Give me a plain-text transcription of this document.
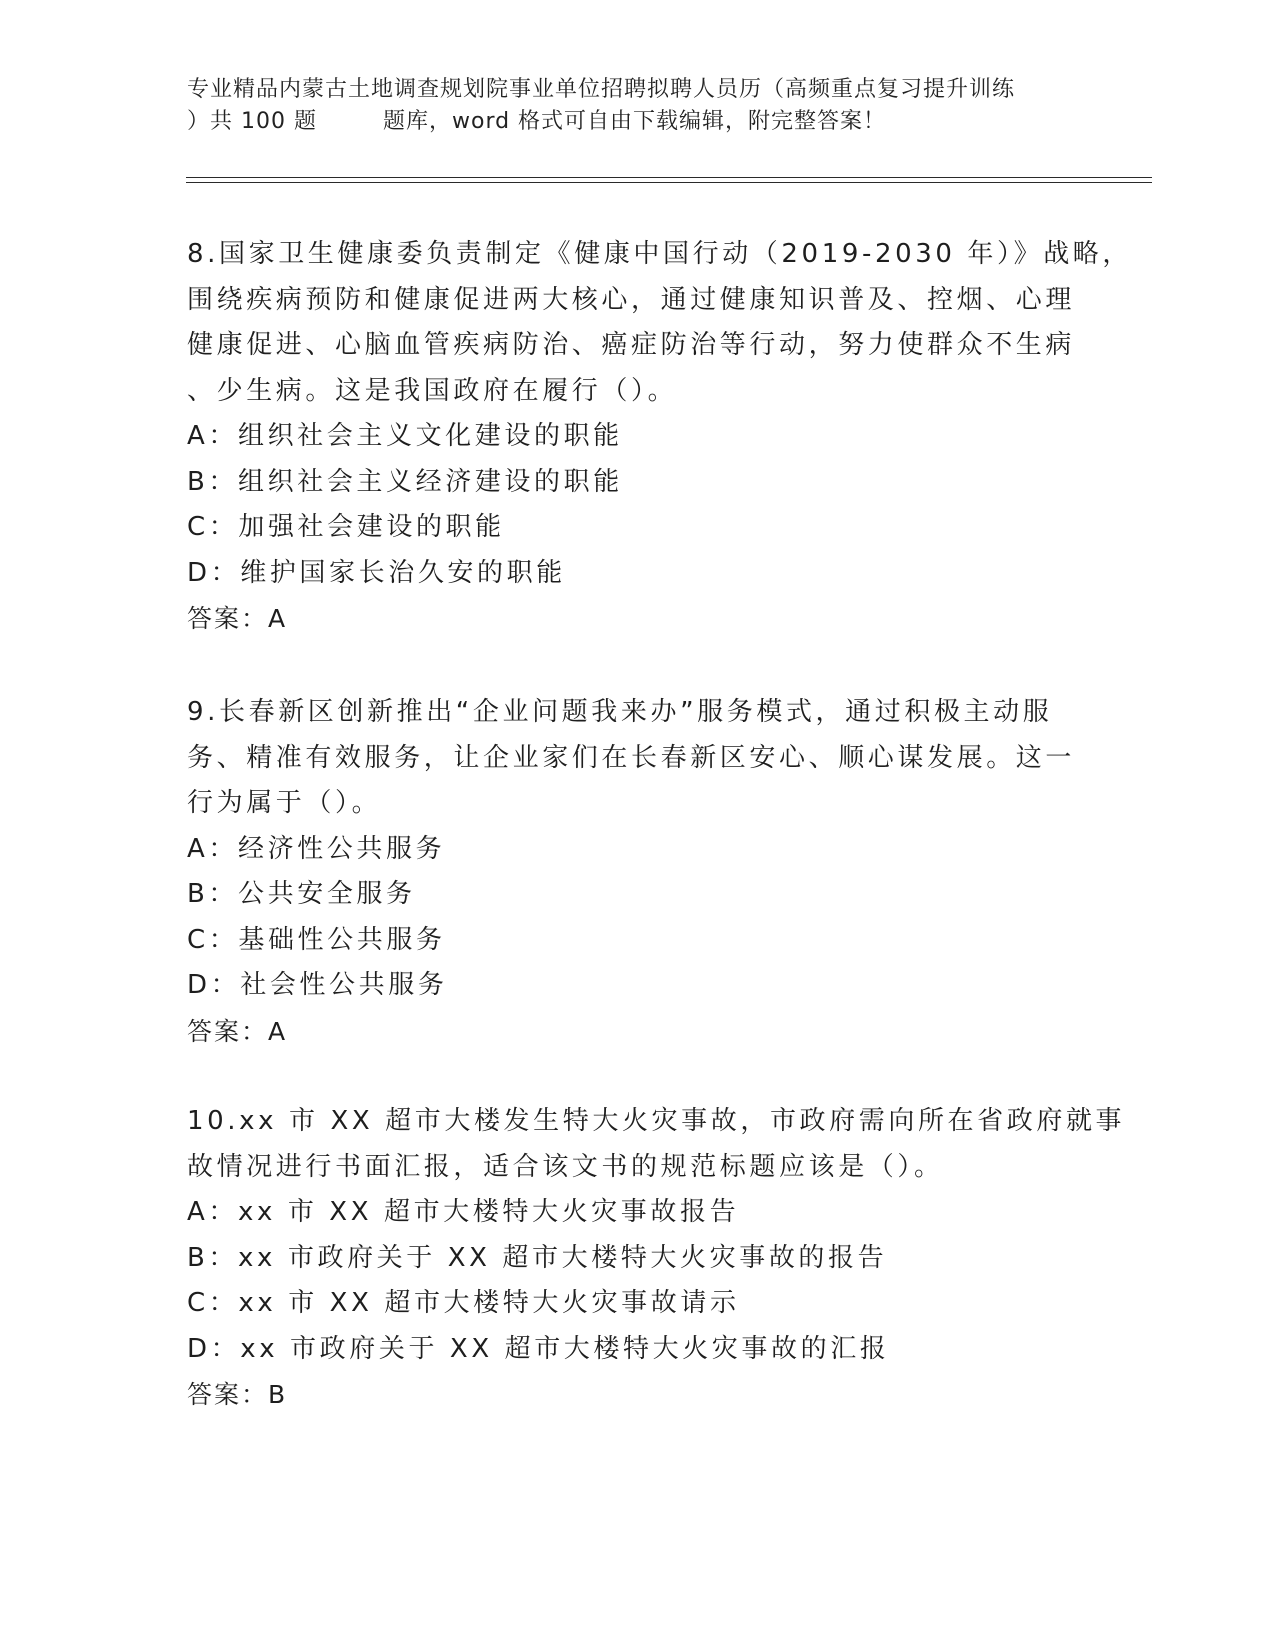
专业精品内蒙古土地调查规划院事业单位招聘拟聘人员历（高频重点复习提升训练
）共 100 题	题库，word 格式可自由下载编辑，附完整答案！
8.国家卫生健康委负责制定《健康中国行动（2019-2030 年）》战略，
围绕疾病预防和健康促进两大核心，通过健康知识普及、控烟、心理
健康促进、心脑血管疾病防治、癌症防治等行动，努力使群众不生病
、少生病。这是我国政府在履行（）。
A：组织社会主义文化建设的职能
B：组织社会主义经济建设的职能
C：加强社会建设的职能
D：维护国家长治久安的职能
答案：A
9.长春新区创新推出“企业问题我来办”服务模式，通过积极主动服
务、精准有效服务，让企业家们在长春新区安心、顺心谋发展。这一
行为属于（）。
A：经济性公共服务
B：公共安全服务
C：基础性公共服务
D：社会性公共服务
答案：A
10.xx 市 XX 超市大楼发生特大火灾事故，市政府需向所在省政府就事
故情况进行书面汇报，适合该文书的规范标题应该是（）。
A：xx 市 XX 超市大楼特大火灾事故报告
B：xx 市政府关于 XX 超市大楼特大火灾事故的报告
C：xx 市 XX 超市大楼特大火灾事故请示
D：xx 市政府关于 XX 超市大楼特大火灾事故的汇报
答案：B
